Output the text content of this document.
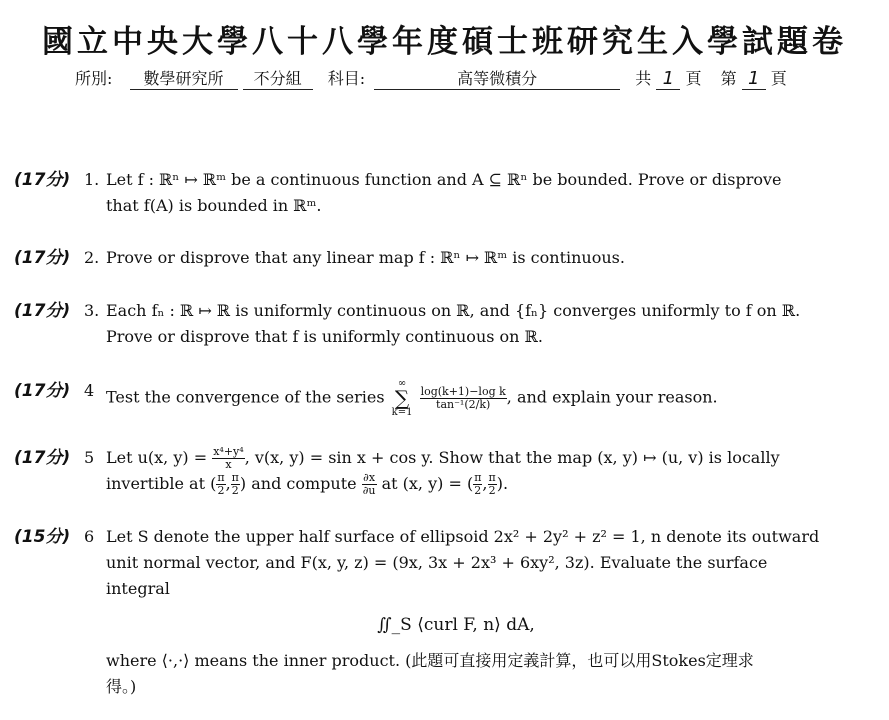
國立中央大學八十八學年度碩士班研究生入學試題卷
所別: 數學研究所 不分組 科目:	高等微積分	共 1 頁 第 1 頁
(17分) 1. Let f : ℝⁿ ↦ ℝᵐ be a continuous function and A ⊆ ℝⁿ be bounded. Prove or disprove
that f(A) is bounded in ℝᵐ.
(17分) 2. Prove or disprove that any linear map f : ℝⁿ ↦ ℝᵐ is continuous.
(17分) 3. Each fₙ : ℝ ↦ ℝ is uniformly continuous on ℝ, and {fₙ} converges uniformly to f on ℝ.
Prove or disprove that f is uniformly continuous on ℝ.
(17分) 4 Test the convergence of the series ∞
∑
k=1
$\frac{\text{log(k+1)−log k}}{\text{tan⁻¹(2/k)}}$ , and explain your reason.
(17分) 5 Let u(x, $y) = \frac{\text{x⁴+y⁴}}{x}$ , v(x, y) = sin x + cos y. Show that the map (x, y) ↦ (u, v) is locally
invertible at ( $\frac{\pi}{2}$ , $\frac{\pi}{2}$ ) and compute $\frac{\partial x}{\partial u}$ at (x, y) = ( $\frac{\pi}{2}$ , $\frac{\pi}{2}$ ).
(15分) 6 Let S denote the upper half surface of ellipsoid 2x² + 2y² + z² = 1, n denote its outward
unit normal vector, and F(x, y, z) = (9x, 3x + 2x³ + 6xy², 3z). Evaluate the surface
integral
∬_S ⟨curl F, n⟩ dA,
where ⟨·,·⟩ means the inner product. (此題可直接用定義計算，也可以用Stokes定理求
得。)
